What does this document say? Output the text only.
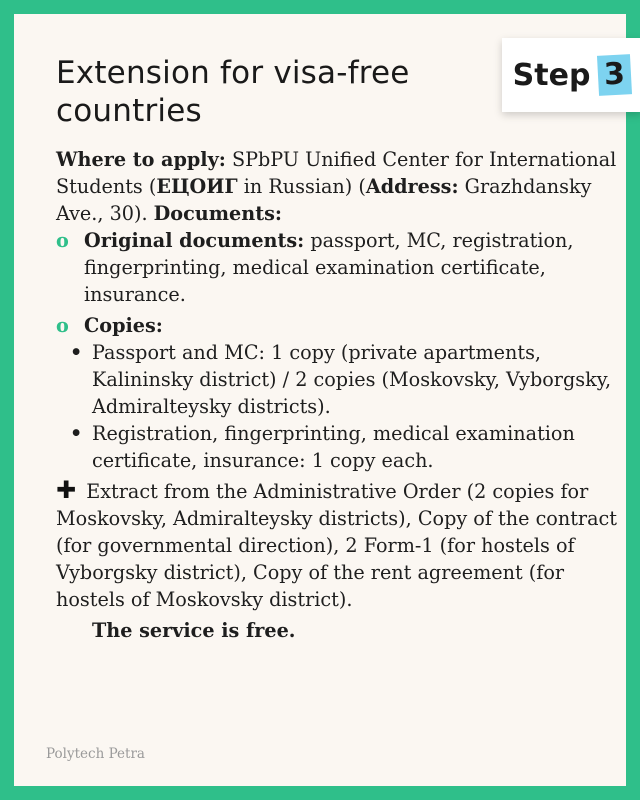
Extension for visa-free countries
Step 3

Where to apply: SPbPU Unified Center for International Students (ЕЦОИГ in Russian) (Address: Grazhdansky Ave., 30). Documents:

o Original documents: passport, MC, registration, fingerprinting, medical examination certificate, insurance.
o Copies:
• Passport and MC: 1 copy (private apartments, Kalininsky district) / 2 copies (Moskovsky, Vyborgsky, Admiralteysky districts).
• Registration, fingerprinting, medical examination certificate, insurance: 1 copy each.

✚ Extract from the Administrative Order (2 copies for Moskovsky, Admiralteysky districts), Copy of the contract (for governmental direction), 2 Form-1 (for hostels of Vyborgsky district), Copy of the rent agreement (for hostels of Moskovsky district).

The service is free.

Polytech Petra
